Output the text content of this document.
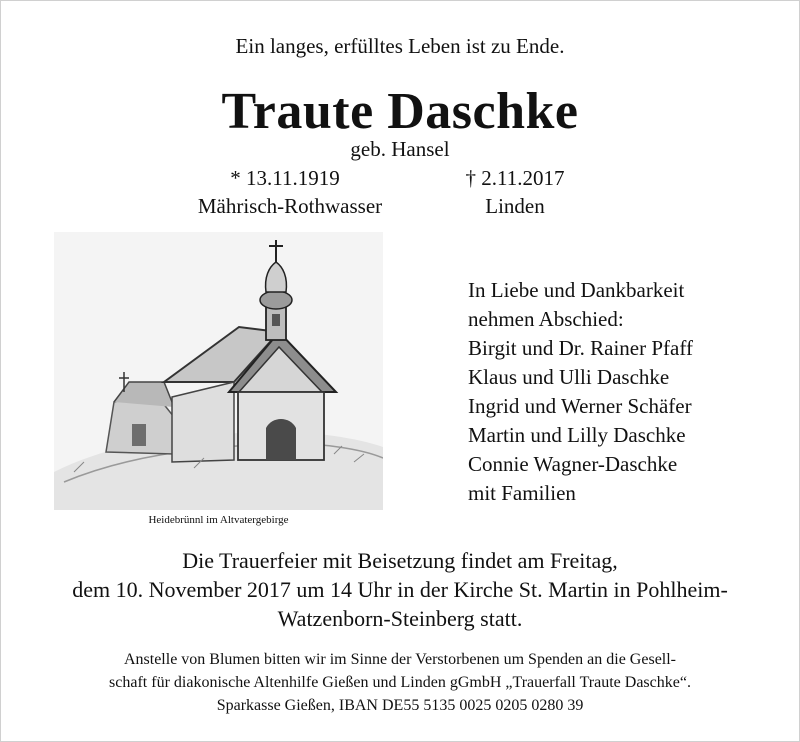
Ein langes, erfülltes Leben ist zu Ende.
Traute Daschke
geb. Hansel
* 13.11.1919
Mährisch-Rothwasser
† 2.11.2017
Linden
Heidebrünnl im Altvatergebirge
In Liebe und Dankbarkeit
nehmen Abschied:
Birgit und Dr. Rainer Pfaff
Klaus und Ulli Daschke
Ingrid und Werner Schäfer
Martin und Lilly Daschke
Connie Wagner-Daschke
mit Familien
Die Trauerfeier mit Beisetzung findet am Freitag,
dem 10. November 2017 um 14 Uhr in der Kirche St. Martin in Pohlheim-
Watzenborn-Steinberg statt.
Anstelle von Blumen bitten wir im Sinne der Verstorbenen um Spenden an die Gesell-
schaft für diakonische Altenhilfe Gießen und Linden gGmbH „Trauerfall Traute Daschke“.
Sparkasse Gießen, IBAN DE55 5135 0025 0205 0280 39
